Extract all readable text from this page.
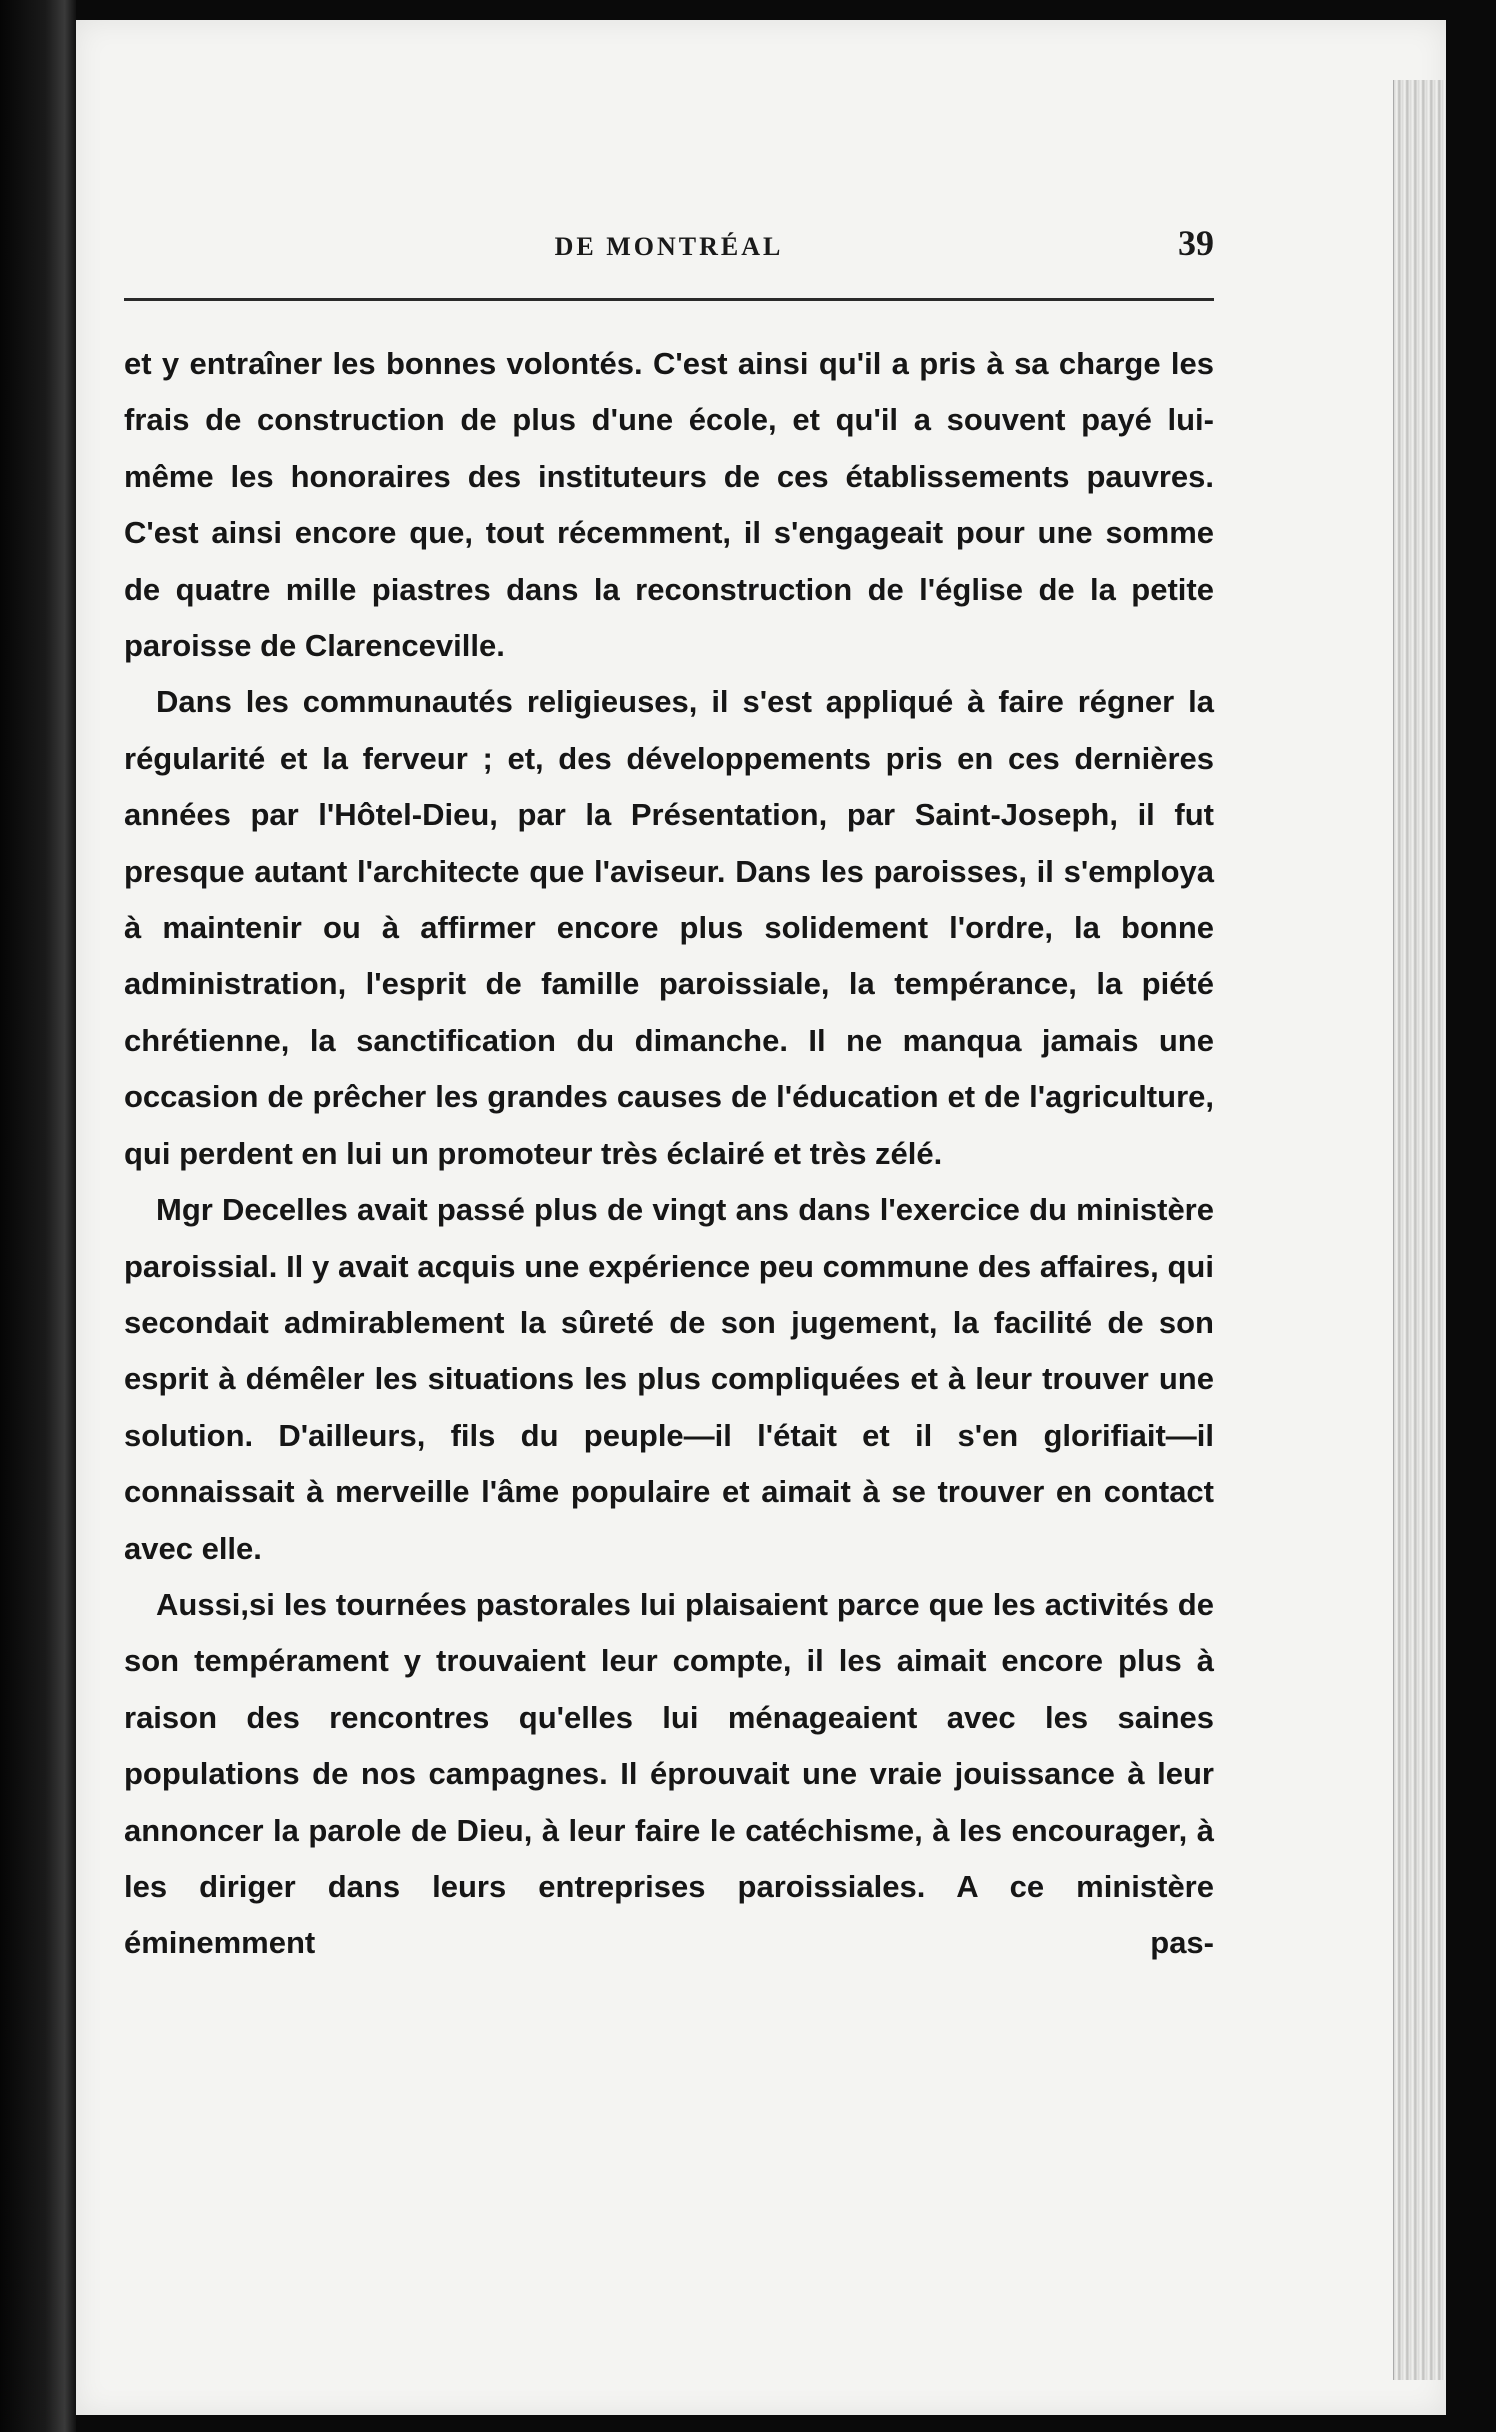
DE MONTRÉAL	39

et y entraîner les bonnes volontés. C'est ainsi qu'il a pris à sa charge les frais de construction de plus d'une école, et qu'il a souvent payé lui-même les honoraires des instituteurs de ces établissements pauvres. C'est ainsi encore que, tout récemment, il s'engageait pour une somme de quatre mille piastres dans la reconstruction de l'église de la petite paroisse de Clarenceville.

Dans les communautés religieuses, il s'est appliqué à faire régner la régularité et la ferveur ; et, des développements pris en ces dernières années par l'Hôtel-Dieu, par la Présentation, par Saint-Joseph, il fut presque autant l'architecte que l'aviseur. Dans les paroisses, il s'employa à maintenir ou à affirmer encore plus solidement l'ordre, la bonne administration, l'esprit de famille paroissiale, la tempérance, la piété chrétienne, la sanctification du dimanche. Il ne manqua jamais une occasion de prêcher les grandes causes de l'éducation et de l'agriculture, qui perdent en lui un promoteur très éclairé et très zélé.

Mgr Decelles avait passé plus de vingt ans dans l'exercice du ministère paroissial. Il y avait acquis une expérience peu commune des affaires, qui secondait admirablement la sûreté de son jugement, la facilité de son esprit à démêler les situations les plus compliquées et à leur trouver une solution. D'ailleurs, fils du peuple—il l'était et il s'en glorifiait—il connaissait à merveille l'âme populaire et aimait à se trouver en contact avec elle.

Aussi,si les tournées pastorales lui plaisaient parce que les activités de son tempérament y trouvaient leur compte, il les aimait encore plus à raison des rencontres qu'elles lui ménageaient avec les saines populations de nos campagnes. Il éprouvait une vraie jouissance à leur annoncer la parole de Dieu, à leur faire le catéchisme, à les encourager, à les diriger dans leurs entreprises paroissiales. A ce ministère éminemment pas-
